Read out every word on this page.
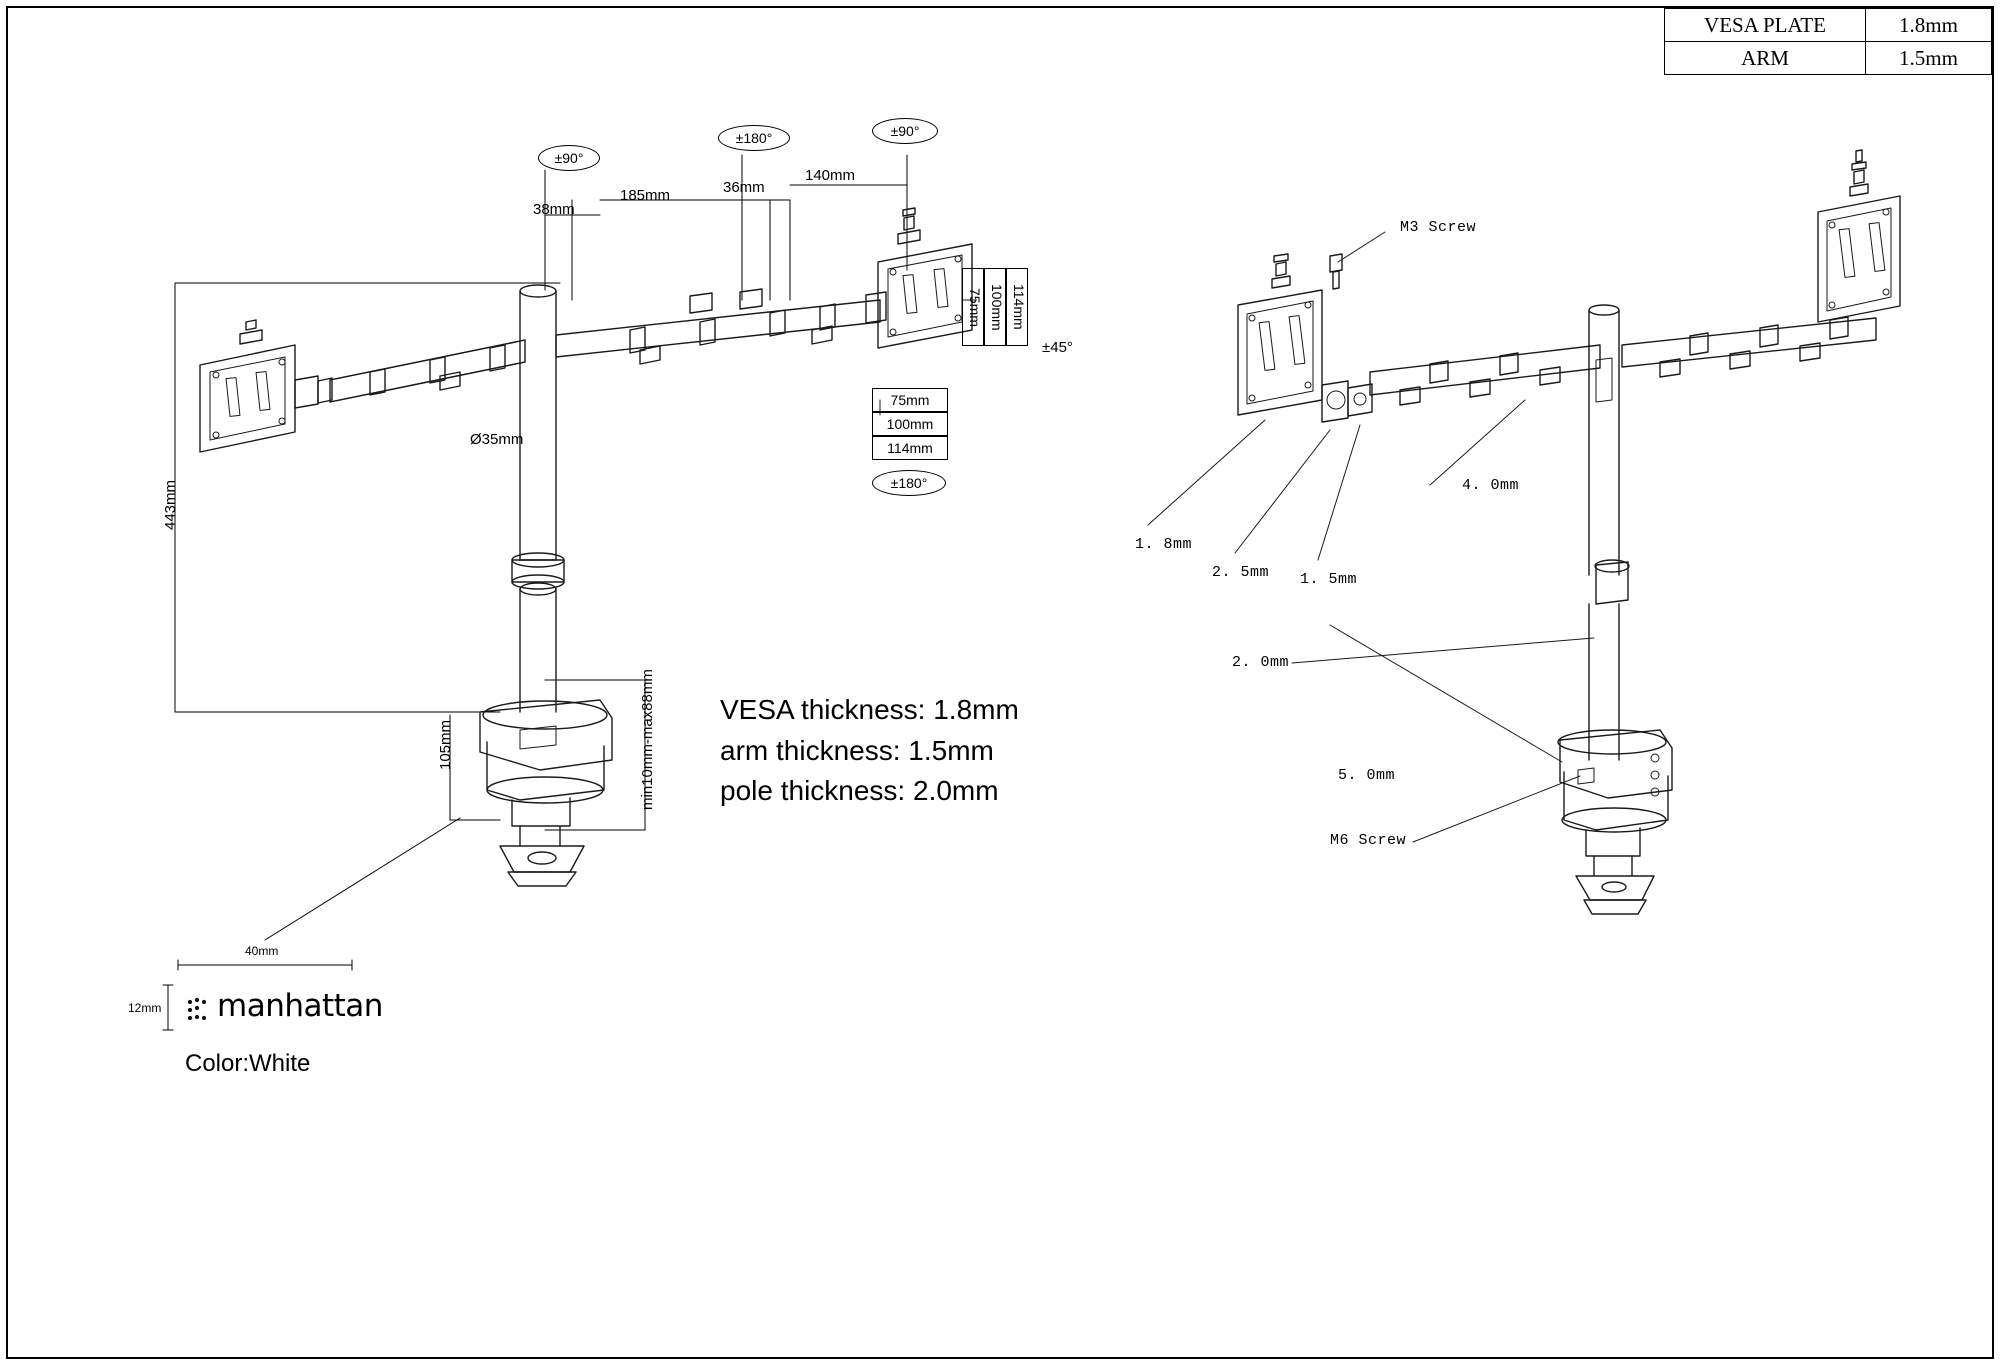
VESA PLATE	1.8mm
ARM	1.5mm
±90°
±180°	±90°
±180°
±45°
38mm
185mm	36mm
140mm
443mm
Ø35mm
105mm	min10mm-max88mm
75mm 100mm 114mm
75mm
100mm
114mm
VESA thickness: 1.8mm
arm thickness: 1.5mm
pole thickness: 2.0mm
M3 Screw
1. 8mm
2. 5mm 1. 5mm
4. 0mm
2. 0mm
5. 0mm
M6 Screw
40mm
12mm manhattan
Color:White
